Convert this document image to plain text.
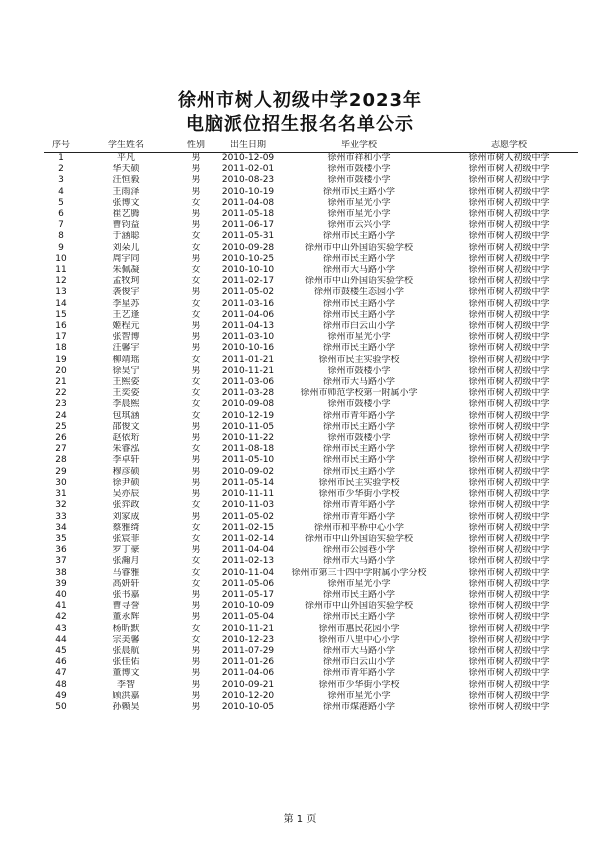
徐州市树人初级中学2023年
电脑派位招生报名名单公示
序号	学生姓名	性别	出生日期	毕业学校	志愿学校
1	平凡	男	2010-12-09	徐州市祥和小学	徐州市树人初级中学
2	华天硕	男	2011-02-01	徐州市鼓楼小学	徐州市树人初级中学
3	汪恒毅	男	2010-08-23	徐州市鼓楼小学	徐州市树人初级中学
4	王雨泽	男	2010-10-19	徐州市民主路小学	徐州市树人初级中学
5	张博文	女	2011-04-08	徐州市星光小学	徐州市树人初级中学
6	崔艺腾	男	2011-05-18	徐州市星光小学	徐州市树人初级中学
7	曹钧益	男	2011-06-17	徐州市云兴小学	徐州市树人初级中学
8	于涵聪	女	2011-05-31	徐州市民主路小学	徐州市树人初级中学
9	刘朵儿	女	2010-09-28	徐州市中山外国语实验学校	徐州市树人初级中学
10	周宇同	男	2010-10-25	徐州市民主路小学	徐州市树人初级中学
11	朱佩凝	女	2010-10-10	徐州市大马路小学	徐州市树人初级中学
12	孟牧珂	女	2011-02-17	徐州市中山外国语实验学校	徐州市树人初级中学
13	袭俊宇	男	2011-05-02	徐州市鼓楼生态园小学	徐州市树人初级中学
14	李星苏	女	2011-03-16	徐州市民主路小学	徐州市树人初级中学
15	王艺逢	女	2011-04-06	徐州市民主路小学	徐州市树人初级中学
16	姬程元	男	2011-04-13	徐州市白云山小学	徐州市树人初级中学
17	张智博	男	2011-03-10	徐州市星光小学	徐州市树人初级中学
18	汪馨宇	男	2010-10-16	徐州市民主路小学	徐州市树人初级中学
19	柳靖瑶	女	2011-01-21	徐州市民主实验学校	徐州市树人初级中学
20	徐昊宁	男	2010-11-21	徐州市鼓楼小学	徐州市树人初级中学
21	王熙姿	女	2011-03-06	徐州市大马路小学	徐州市树人初级中学
22	王奕姿	女	2011-03-28	徐州市师范学校第一附属小学	徐州市树人初级中学
23	李晨熙	女	2010-09-08	徐州市鼓楼小学	徐州市树人初级中学
24	包琪涵	女	2010-12-19	徐州市青年路小学	徐州市树人初级中学
25	邵俊文	男	2010-11-05	徐州市民主路小学	徐州市树人初级中学
26	赵依珩	男	2010-11-22	徐州市鼓楼小学	徐州市树人初级中学
27	朱睿泓	女	2011-08-18	徐州市民主路小学	徐州市树人初级中学
28	李卓轩	男	2011-05-10	徐州市民主路小学	徐州市树人初级中学
29	穆彦硕	男	2010-09-02	徐州市民主路小学	徐州市树人初级中学
30	徐尹硕	男	2011-05-14	徐州市民主实验学校	徐州市树人初级中学
31	吴亦辰	男	2010-11-11	徐州市少华街小学校	徐州市树人初级中学
32	张弈政	女	2010-11-03	徐州市青年路小学	徐州市树人初级中学
33	刘家成	男	2011-05-02	徐州市青年路小学	徐州市树人初级中学
34	蔡雅绮	女	2011-02-15	徐州市和平桥中心小学	徐州市树人初级中学
35	张宸菲	女	2011-02-14	徐州市中山外国语实验学校	徐州市树人初级中学
36	罗丁豪	男	2011-04-04	徐州市公园巷小学	徐州市树人初级中学
37	张瀚月	女	2011-02-13	徐州市大马路小学	徐州市树人初级中学
38	马睿雅	女	2010-11-04	徐州市第三十四中学附属小学分校	徐州市树人初级中学
39	高妍轩	女	2011-05-06	徐州市星光小学	徐州市树人初级中学
40	张书嘉	男	2011-05-17	徐州市民主路小学	徐州市树人初级中学
41	曹寻誉	男	2010-10-09	徐州市中山外国语实验学校	徐州市树人初级中学
42	董永辉	男	2011-05-04	徐州市民主路小学	徐州市树人初级中学
43	杨昕默	女	2010-11-21	徐州市惠民花园小学	徐州市树人初级中学
44	宗美馨	女	2010-12-23	徐州市八里中心小学	徐州市树人初级中学
45	张晨航	男	2011-07-29	徐州市大马路小学	徐州市树人初级中学
46	张佳佑	男	2011-01-26	徐州市白云山小学	徐州市树人初级中学
47	董博文	男	2011-04-06	徐州市青年路小学	徐州市树人初级中学
48	李智	男	2010-09-21	徐州市少华街小学校	徐州市树人初级中学
49	顾洪嘉	男	2010-12-20	徐州市星光小学	徐州市树人初级中学
50	孙赖昊	男	2010-10-05	徐州市煤港路小学	徐州市树人初级中学
第 1 页
